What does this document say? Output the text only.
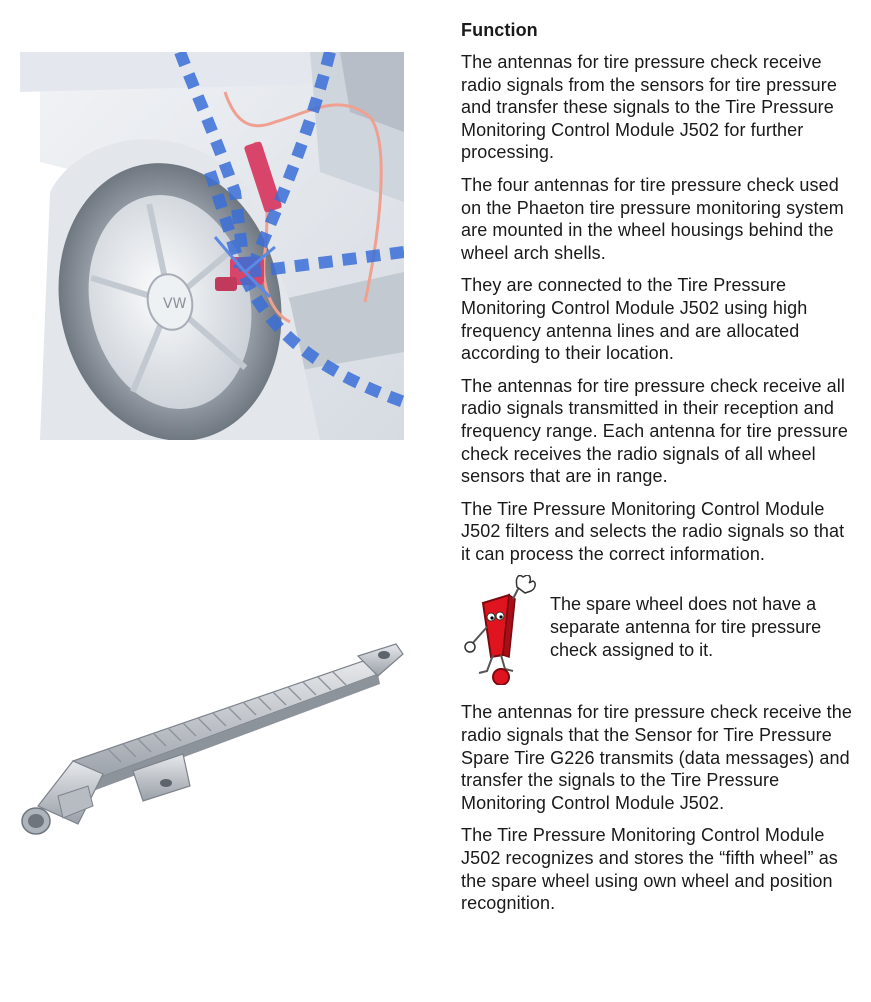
VW
Function

The antennas for tire pressure check receive radio signals from the sensors for tire pressure and transfer these signals to the Tire Pressure Monitoring Control Module J502 for further processing.

The four antennas for tire pressure check used on the Phaeton tire pressure monitoring system are mounted in the wheel housings behind the wheel arch shells.

They are connected to the Tire Pressure Monitoring Control Module J502 using high frequency antenna lines and are allocated according to their location.

The antennas for tire pressure check receive all radio signals transmitted in their reception and frequency range. Each antenna for tire pressure check receives the radio signals of all wheel sensors that are in range.

The Tire Pressure Monitoring Control Module J502 filters and selects the radio signals so that it can process the correct information.

The spare wheel does not have a separate antenna for tire pressure check assigned to it.

The antennas for tire pressure check receive the radio signals that the Sensor for Tire Pressure Spare Tire G226 transmits (data messages) and transfer the signals to the Tire Pressure Monitoring Control Module J502.

The Tire Pressure Monitoring Control Module J502 recognizes and stores the “fifth wheel” as the spare wheel using own wheel and position recognition.
